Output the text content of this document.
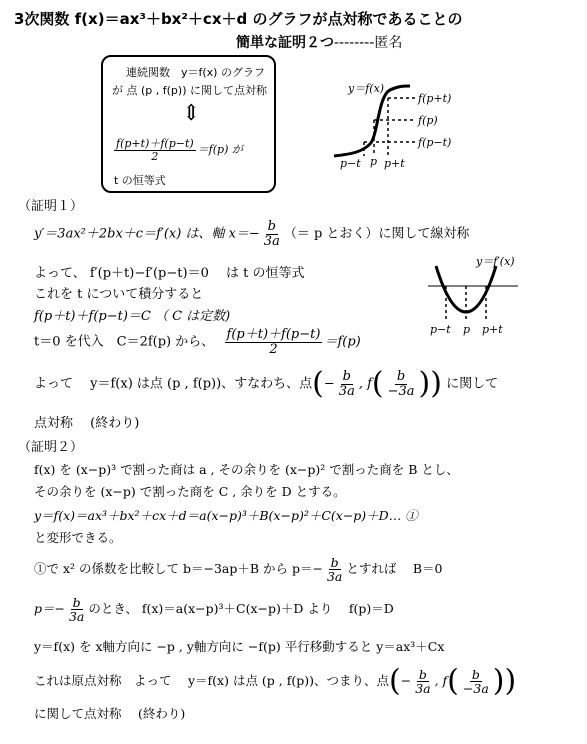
3次関数 f(x)＝ax³＋bx²＋cx＋d のグラフが点対称であることの
簡単な証明２つ--------匿名
連続関数　y＝f(x) のグラフ
が 点 (p , f(p)) に関して点対称
⇕
$\frac{f(p+t)+f(p-t)}{2} =f(p)$ が
t の恒等式
y＝f(x)
f(p+t)
f(p)
f(p−t)
p−t p p+t
（証明１）
y′＝3ax²＋2bx＋c＝f′(x) は、軸 $x=- \frac{b}{3a}$ （＝ p とおく）に関して線対称
よって、 f′(p＋t)−f′(p−t)＝0　 は t の恒等式
これを t について積分すると
f(p＋t)＋f(p−t)＝C （ C は定数)
t＝0 を代入　C＝2f(p) から、 $\frac{f(p+t)+f(p-t)}{2} =f(p)$
よって　 y＝f(x) は点 (p , f(p))、すなわち、点(− $\frac{b}{3a}$ , $f( \frac{b}{-3a}$ )) に関して
点対称　 (終わり)
y＝f′(x)
p−t p p+t
（証明２）
f(x) を (x−p)³ で割った商は a , その余りを (x−p)² で割った商を B とし、
その余りを (x−p) で割った商を C , 余りを D とする。
y＝f(x)＝ax³＋bx²＋cx＋d＝a(x−p)³＋B(x−p)²＋C(x−p)＋D… ①
と変形できる。
①で x² の係数を比較して b＝−3ap＋B から $p=- \frac{b}{3a}$ とすれば　 B＝0
$p=- \frac{b}{3a}$ のとき、 f(x)＝a(x−p)³＋C(x−p)＋D より　 f(p)＝D
y＝f(x) を x軸方向に −p , y軸方向に −f(p) 平行移動すると y＝ax³＋Cx
これは原点対称　よって　 y＝f(x) は点 (p , f(p))、つまり、点(− $\frac{b}{3a}$ , $f( \frac{b}{-3a}$ ))
に関して点対称　 (終わり)
